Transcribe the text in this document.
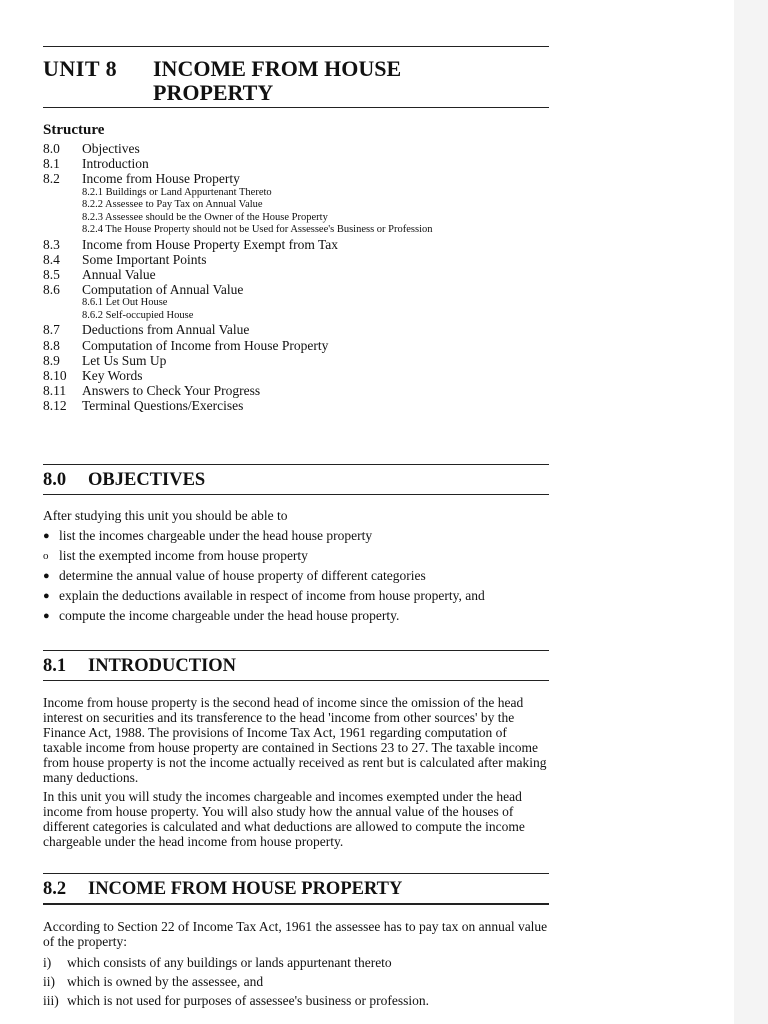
UNIT 8	INCOME FROM HOUSE
PROPERTY
Structure
8.0	Objectives
8.1	Introduction
8.2	Income from House Property
8.2.1 Buildings or Land Appurtenant Thereto
8.2.2 Assessee to Pay Tax on Annual Value
8.2.3 Assessee should be the Owner of the House Property
8.2.4 The House Property should not be Used for Assessee's Business or Profession
8.3	Income from House Property Exempt from Tax
8.4	Some Important Points
8.5	Annual Value
8.6	Computation of Annual Value
8.6.1 Let Out House
8.6.2 Self-occupied House
8.7	Deductions from Annual Value
8.8	Computation of Income from House Property
8.9	Let Us Sum Up
8.10	Key Words
8.11	Answers to Check Your Progress
8.12	Terminal Questions/Exercises
8.0 OBJECTIVES

After studying this unit you should be able to

● list the incomes chargeable under the head house property
o list the exempted income from house property
● determine the annual value of house property of different categories
● explain the deductions available in respect of income from house property, and
● compute the income chargeable under the head house property.
8.1 INTRODUCTION

Income from house property is the second head of income since the omission of the head interest on securities and its transference to the head 'income from other sources' by the Finance Act, 1988. The provisions of Income Tax Act, 1961 regarding computation of taxable income from house property are contained in Sections 23 to 27. The taxable income from house property is not the income actually received as rent but is calculated after making many deductions.

In this unit you will study the incomes chargeable and incomes exempted under the head income from house property. You will also study how the annual value of the houses of different categories is calculated and what deductions are allowed to compute the income chargeable under the head income from house property.

8.2 INCOME FROM HOUSE PROPERTY

According to Section 22 of Income Tax Act, 1961 the assessee has to pay tax on annual value of the property:

i)	which consists of any buildings or lands appurtenant thereto
ii) which is owned by the assessee, and
iii) which is not used for purposes of assessee's business or profession.
